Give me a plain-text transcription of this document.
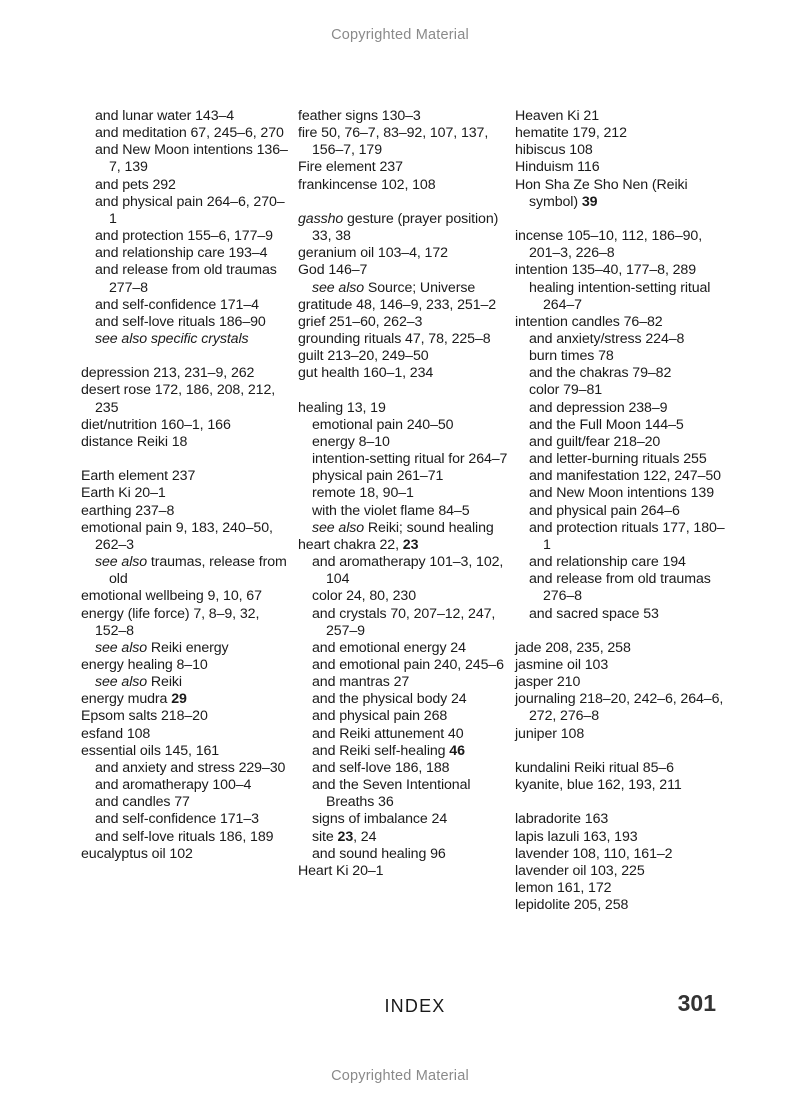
Copyrighted Material
and lunar water 143–4
and meditation 67, 245–6, 270
and New Moon intentions 136–7, 139
and pets 292
and physical pain 264–6, 270–1
and protection 155–6, 177–9
and relationship care 193–4
and release from old traumas 277–8
and self-confidence 171–4
and self-love rituals 186–90
see also specific crystals
depression 213, 231–9, 262
desert rose 172, 186, 208, 212, 235
diet/nutrition 160–1, 166
distance Reiki 18
Earth element 237
Earth Ki 20–1
earthing 237–8
emotional pain 9, 183, 240–50, 262–3
see also traumas, release from old
emotional wellbeing 9, 10, 67
energy (life force) 7, 8–9, 32, 152–8
see also Reiki energy
energy healing 8–10
see also Reiki
energy mudra 29
Epsom salts 218–20
esfand 108
essential oils 145, 161
and anxiety and stress 229–30
and aromatherapy 100–4
and candles 77
and self-confidence 171–3
and self-love rituals 186, 189
eucalyptus oil 102
feather signs 130–3
fire 50, 76–7, 83–92, 107, 137, 156–7, 179
Fire element 237
frankincense 102, 108
gassho gesture (prayer position) 33, 38
geranium oil 103–4, 172
God 146–7
see also Source; Universe
gratitude 48, 146–9, 233, 251–2
grief 251–60, 262–3
grounding rituals 47, 78, 225–8
guilt 213–20, 249–50
gut health 160–1, 234
healing 13, 19
emotional pain 240–50
energy 8–10
intention-setting ritual for 264–7
physical pain 261–71
remote 18, 90–1
with the violet flame 84–5
see also Reiki; sound healing
heart chakra 22, 23
and aromatherapy 101–3, 102, 104
color 24, 80, 230
and crystals 70, 207–12, 247, 257–9
and emotional energy 24
and emotional pain 240, 245–6
and mantras 27
and the physical body 24
and physical pain 268
and Reiki attunement 40
and Reiki self-healing 46
and self-love 186, 188
and the Seven Intentional Breaths 36
signs of imbalance 24
site 23, 24
and sound healing 96
Heart Ki 20–1
Heaven Ki 21
hematite 179, 212
hibiscus 108
Hinduism 116
Hon Sha Ze Sho Nen (Reiki symbol) 39
incense 105–10, 112, 186–90, 201–3, 226–8
intention 135–40, 177–8, 289
healing intention-setting ritual 264–7
intention candles 76–82
and anxiety/stress 224–8
burn times 78
and the chakras 79–82
color 79–81
and depression 238–9
and the Full Moon 144–5
and guilt/fear 218–20
and letter-burning rituals 255
and manifestation 122, 247–50
and New Moon intentions 139
and physical pain 264–6
and protection rituals 177, 180–1
and relationship care 194
and release from old traumas 276–8
and sacred space 53
jade 208, 235, 258
jasmine oil 103
jasper 210
journaling 218–20, 242–6, 264–6, 272, 276–8
juniper 108
kundalini Reiki ritual 85–6
kyanite, blue 162, 193, 211
labradorite 163
lapis lazuli 163, 193
lavender 108, 110, 161–2
lavender oil 103, 225
lemon 161, 172
lepidolite 205, 258
INDEX	301
Copyrighted Material
